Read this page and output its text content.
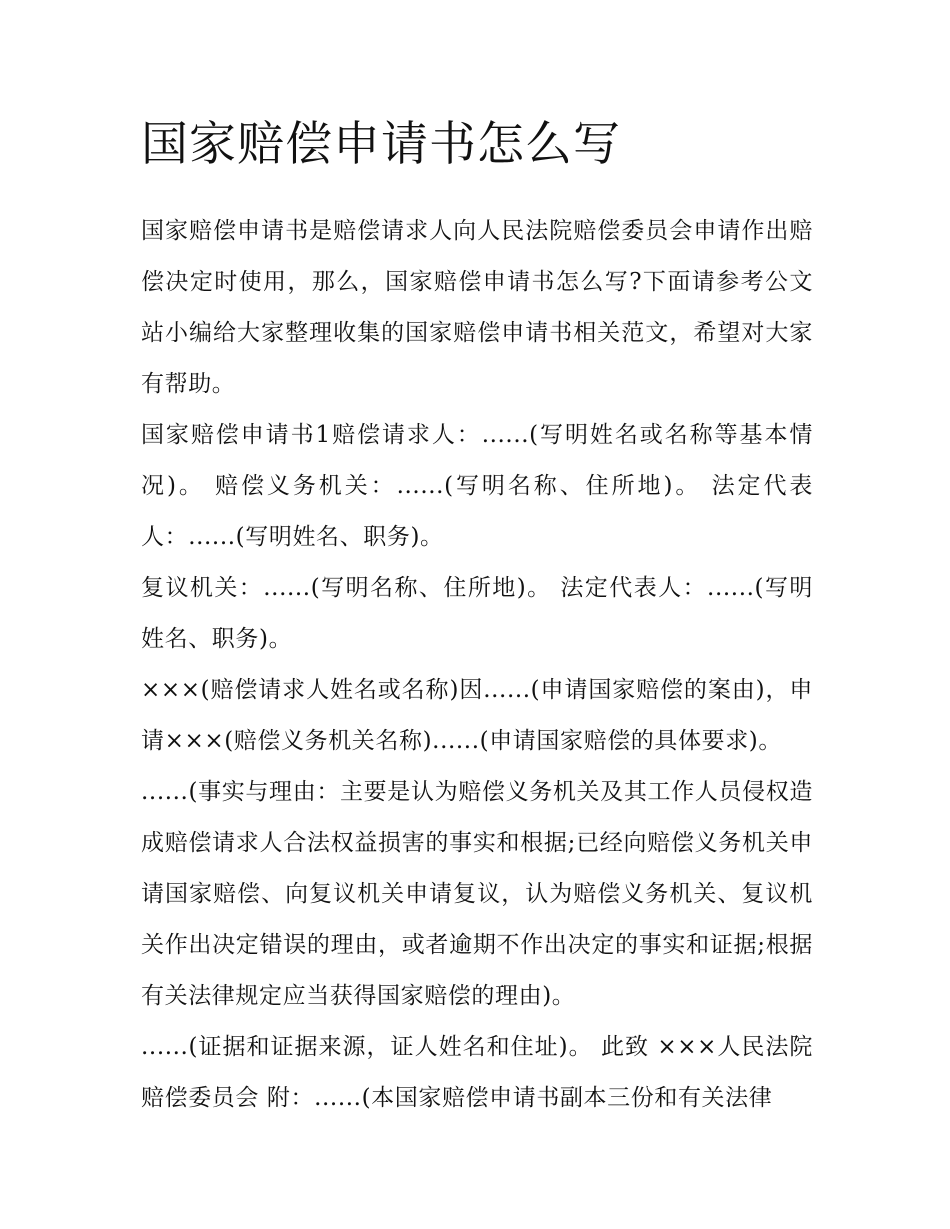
国家赔偿申请书怎么写

国家赔偿申请书是赔偿请求人向人民法院赔偿委员会申请作出赔偿决定时使用，那么，国家赔偿申请书怎么写?下面请参考公文站小编给大家整理收集的国家赔偿申请书相关范文，希望对大家有帮助。

国家赔偿申请书1赔偿请求人：......(写明姓名或名称等基本情况)。 赔偿义务机关：......(写明名称、住所地)。 法定代表人：......(写明姓名、职务)。

复议机关：......(写明名称、住所地)。 法定代表人：......(写明姓名、职务)。

×××(赔偿请求人姓名或名称)因......(申请国家赔偿的案由)，申请×××(赔偿义务机关名称)......(申请国家赔偿的具体要求)。

......(事实与理由：主要是认为赔偿义务机关及其工作人员侵权造成赔偿请求人合法权益损害的事实和根据;已经向赔偿义务机关申请国家赔偿、向复议机关申请复议，认为赔偿义务机关、复议机关作出决定错误的理由，或者逾期不作出决定的事实和证据;根据有关法律规定应当获得国家赔偿的理由)。

......(证据和证据来源，证人姓名和住址)。 此致 ×××人民法院赔偿委员会 附：......(本国家赔偿申请书副本三份和有关法律
